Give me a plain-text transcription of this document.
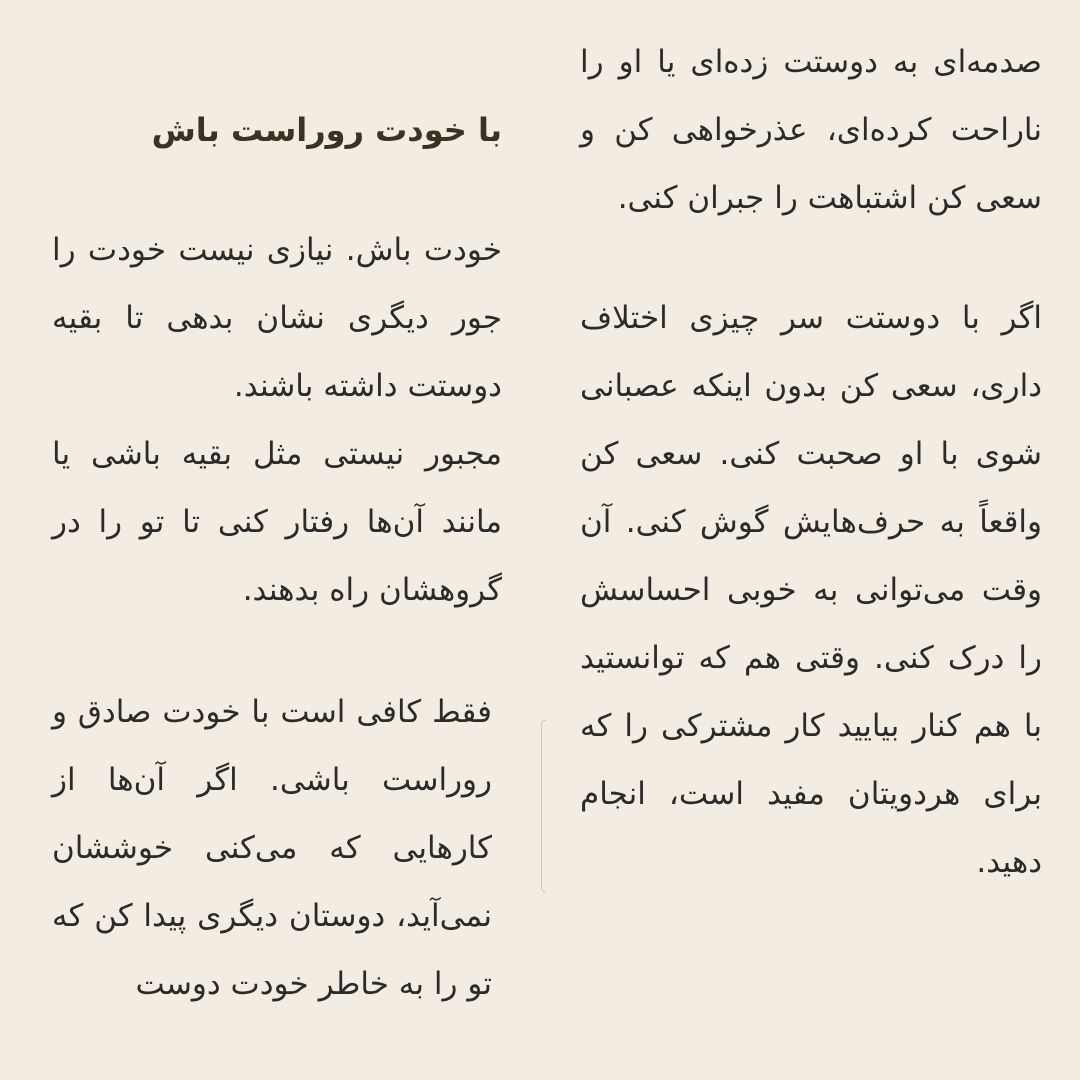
صدمه‌ای به دوستت زده‌ای یا او را ناراحت کرده‌ای، عذرخواهی کن و سعی کن اشتباهت را جبران کنی.

اگر با دوستت سر چیزی اختلاف داری، سعی کن بدون اینکه عصبانی شوی با او صحبت کنی. سعی کن واقعاً به حرف‌هایش گوش کنی. آن وقت می‌توانی به خوبی احساسش را درک کنی. وقتی هم که توانستید با هم کنار بیایید کار مشترکی را که برای هردویتان مفید است، انجام دهید.

با خودت روراست باش

خودت باش. نیازی نیست خودت را جور دیگری نشان بدهی تا بقیه دوستت داشته باشند.

مجبور نیستی مثل بقیه باشی یا مانند آن‌ها رفتار کنی تا تو را در گروهشان راه بدهند.

فقط کافی است با خودت صادق و روراست باشی. اگر آن‌ها از کارهایی که می‌کنی خوششان نمی‌آید، دوستان دیگری پیدا کن که تو را به خاطر خودت دوست
